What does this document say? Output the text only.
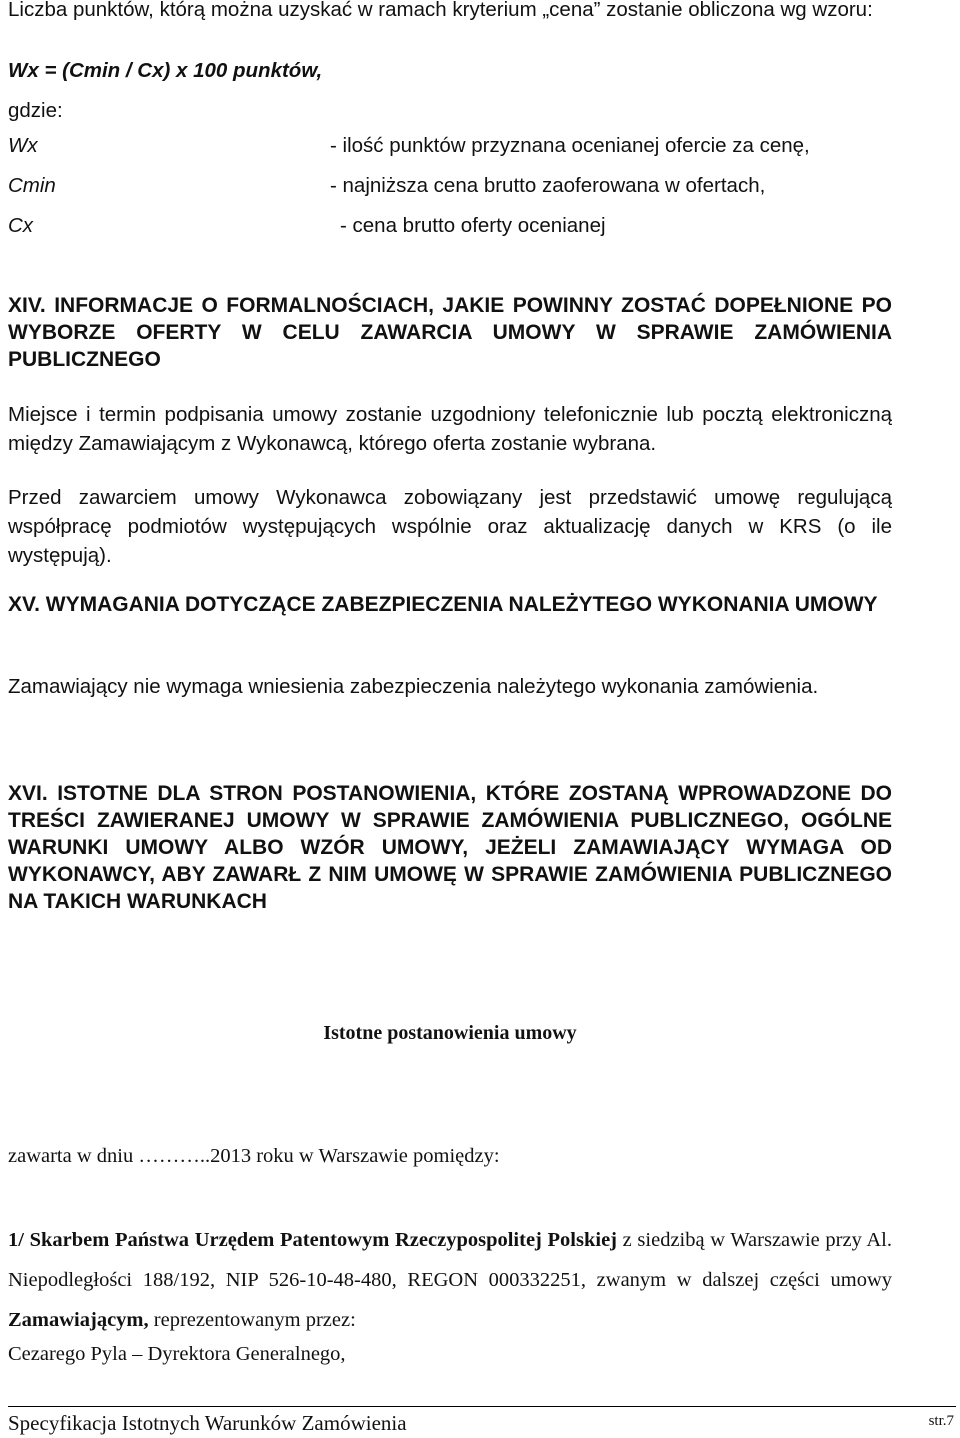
Liczba punktów, którą można uzyskać w ramach kryterium „cena” zostanie obliczona wg wzoru:

Wx = (Cmin / Cx) x 100 punktów,

gdzie:

Wx	- ilość punktów przyznana ocenianej ofercie za cenę,
Cmin	- najniższa cena brutto zaoferowana w ofertach,
Cx	- cena brutto oferty ocenianej

XIV. INFORMACJE O FORMALNOŚCIACH, JAKIE POWINNY ZOSTAĆ DOPEŁNIONE PO WYBORZE OFERTY W CELU ZAWARCIA UMOWY W SPRAWIE ZAMÓWIENIA PUBLICZNEGO

Miejsce i termin podpisania umowy zostanie uzgodniony telefonicznie lub pocztą elektroniczną między Zamawiającym z Wykonawcą, którego oferta zostanie wybrana.

Przed zawarciem umowy Wykonawca zobowiązany jest przedstawić umowę regulującą współpracę podmiotów występujących wspólnie oraz aktualizację danych w KRS (o ile występują).

XV. WYMAGANIA DOTYCZĄCE ZABEZPIECZENIA NALEŻYTEGO WYKONANIA UMOWY

Zamawiający nie wymaga wniesienia zabezpieczenia należytego wykonania zamówienia.

XVI. ISTOTNE DLA STRON POSTANOWIENIA, KTÓRE ZOSTANĄ WPROWADZONE DO TREŚCI ZAWIERANEJ UMOWY W SPRAWIE ZAMÓWIENIA PUBLICZNEGO, OGÓLNE WARUNKI UMOWY ALBO WZÓR UMOWY, JEŻELI ZAMAWIAJĄCY WYMAGA OD WYKONAWCY, ABY ZAWARŁ Z NIM UMOWĘ W SPRAWIE ZAMÓWIENIA PUBLICZNEGO NA TAKICH WARUNKACH

Istotne postanowienia umowy

zawarta w dniu ………..2013 roku w Warszawie pomiędzy:

1/ Skarbem Państwa Urzędem Patentowym Rzeczypospolitej Polskiej z siedzibą w Warszawie przy Al. Niepodległości 188/192, NIP 526-10-48-480, REGON 000332251, zwanym w dalszej części umowy Zamawiającym, reprezentowanym przez:

Cezarego Pyla – Dyrektora Generalnego,

Specyfikacja Istotnych Warunków Zamówienia	str.7
